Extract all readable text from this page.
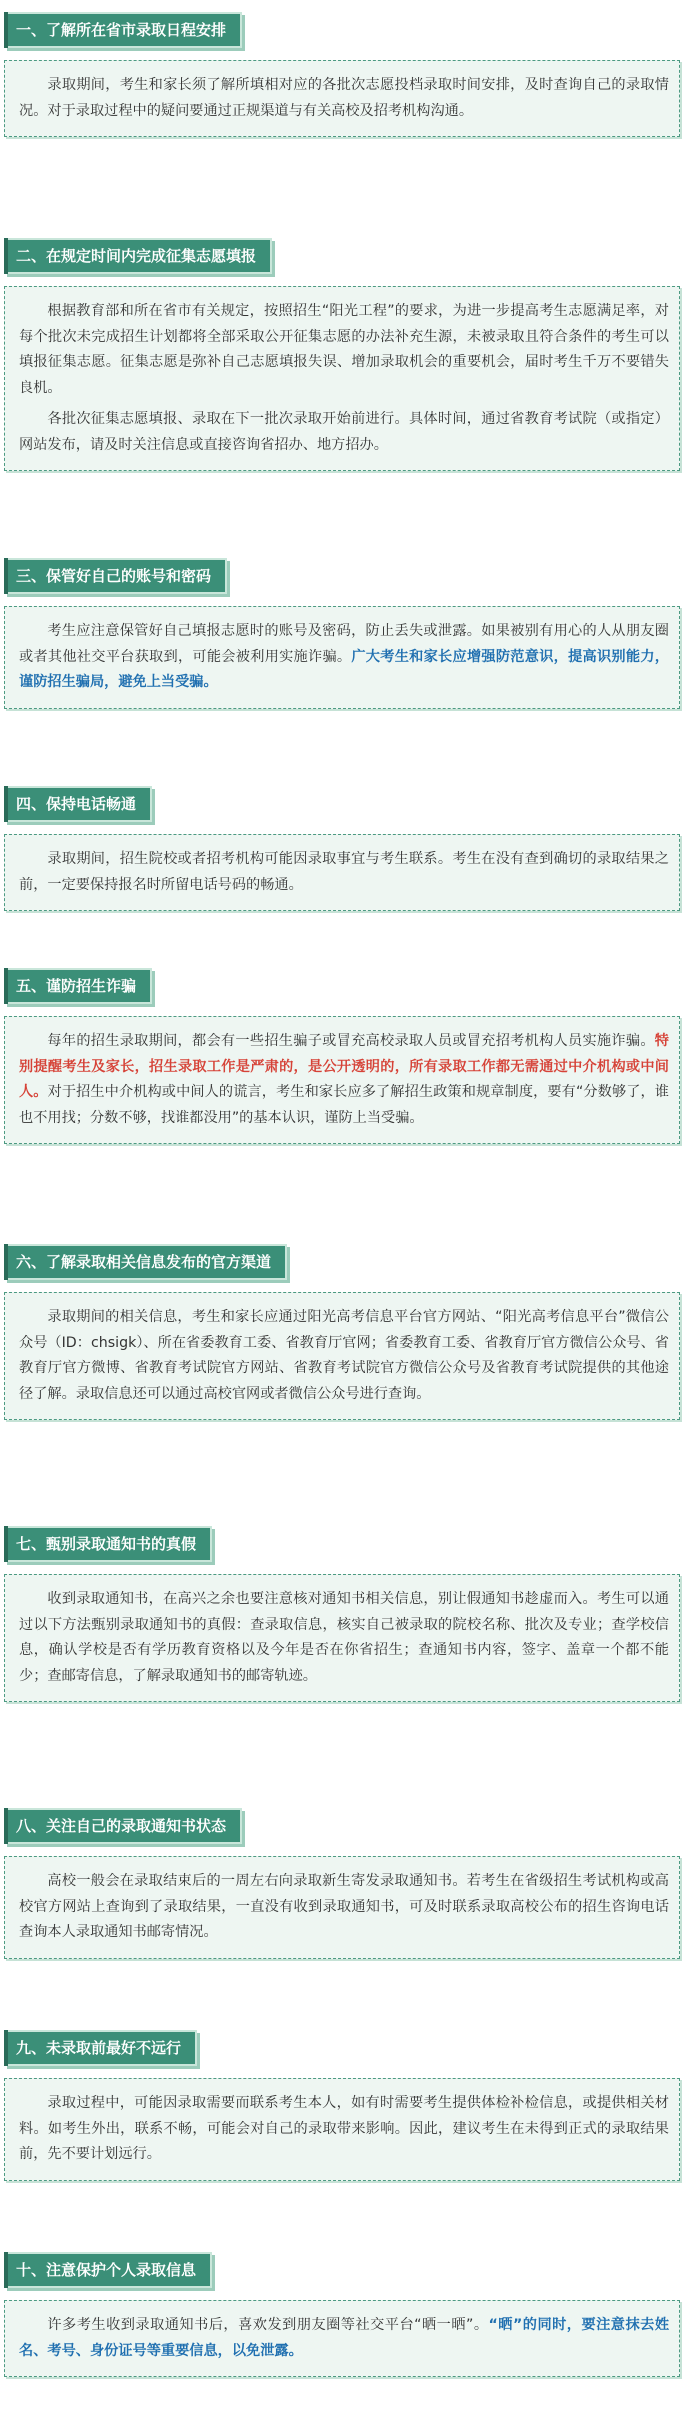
一、了解所在省市录取日程安排

录取期间，考生和家长须了解所填相对应的各批次志愿投档录取时间安排，及时查询自己的录取情况。对于录取过程中的疑问要通过正规渠道与有关高校及招考机构沟通。

二、在规定时间内完成征集志愿填报

根据教育部和所在省市有关规定，按照招生“阳光工程”的要求，为进一步提高考生志愿满足率，对每个批次未完成招生计划都将全部采取公开征集志愿的办法补充生源，未被录取且符合条件的考生可以填报征集志愿。征集志愿是弥补自己志愿填报失误、增加录取机会的重要机会，届时考生千万不要错失良机。

各批次征集志愿填报、录取在下一批次录取开始前进行。具体时间，通过省教育考试院（或指定）网站发布，请及时关注信息或直接咨询省招办、地方招办。

三、保管好自己的账号和密码

考生应注意保管好自己填报志愿时的账号及密码，防止丢失或泄露。如果被别有用心的人从朋友圈或者其他社交平台获取到，可能会被利用实施诈骗。广大考生和家长应增强防范意识，提高识别能力，谨防招生骗局，避免上当受骗。

四、保持电话畅通

录取期间，招生院校或者招考机构可能因录取事宜与考生联系。考生在没有查到确切的录取结果之前，一定要保持报名时所留电话号码的畅通。

五、谨防招生诈骗

每年的招生录取期间，都会有一些招生骗子或冒充高校录取人员或冒充招考机构人员实施诈骗。特别提醒考生及家长，招生录取工作是严肃的，是公开透明的，所有录取工作都无需通过中介机构或中间人。对于招生中介机构或中间人的谎言，考生和家长应多了解招生政策和规章制度，要有“分数够了，谁也不用找；分数不够，找谁都没用”的基本认识，谨防上当受骗。

六、了解录取相关信息发布的官方渠道

录取期间的相关信息，考生和家长应通过阳光高考信息平台官方网站、“阳光高考信息平台”微信公众号（ID：chsigk）、所在省委教育工委、省教育厅官网；省委教育工委、省教育厅官方微信公众号、省教育厅官方微博、省教育考试院官方网站、省教育考试院官方微信公众号及省教育考试院提供的其他途径了解。录取信息还可以通过高校官网或者微信公众号进行查询。

七、甄别录取通知书的真假

收到录取通知书，在高兴之余也要注意核对通知书相关信息，别让假通知书趁虚而入。考生可以通过以下方法甄别录取通知书的真假：查录取信息，核实自己被录取的院校名称、批次及专业；查学校信息，确认学校是否有学历教育资格以及今年是否在你省招生；查通知书内容，签字、盖章一个都不能少；查邮寄信息，了解录取通知书的邮寄轨迹。

八、关注自己的录取通知书状态

高校一般会在录取结束后的一周左右向录取新生寄发录取通知书。若考生在省级招生考试机构或高校官方网站上查询到了录取结果，一直没有收到录取通知书，可及时联系录取高校公布的招生咨询电话查询本人录取通知书邮寄情况。

九、未录取前最好不远行

录取过程中，可能因录取需要而联系考生本人，如有时需要考生提供体检补检信息，或提供相关材料。如考生外出，联系不畅，可能会对自己的录取带来影响。因此，建议考生在未得到正式的录取结果前，先不要计划远行。

十、注意保护个人录取信息

许多考生收到录取通知书后，喜欢发到朋友圈等社交平台“晒一晒”。“晒”的同时，要注意抹去姓名、考号、身份证号等重要信息，以免泄露。
